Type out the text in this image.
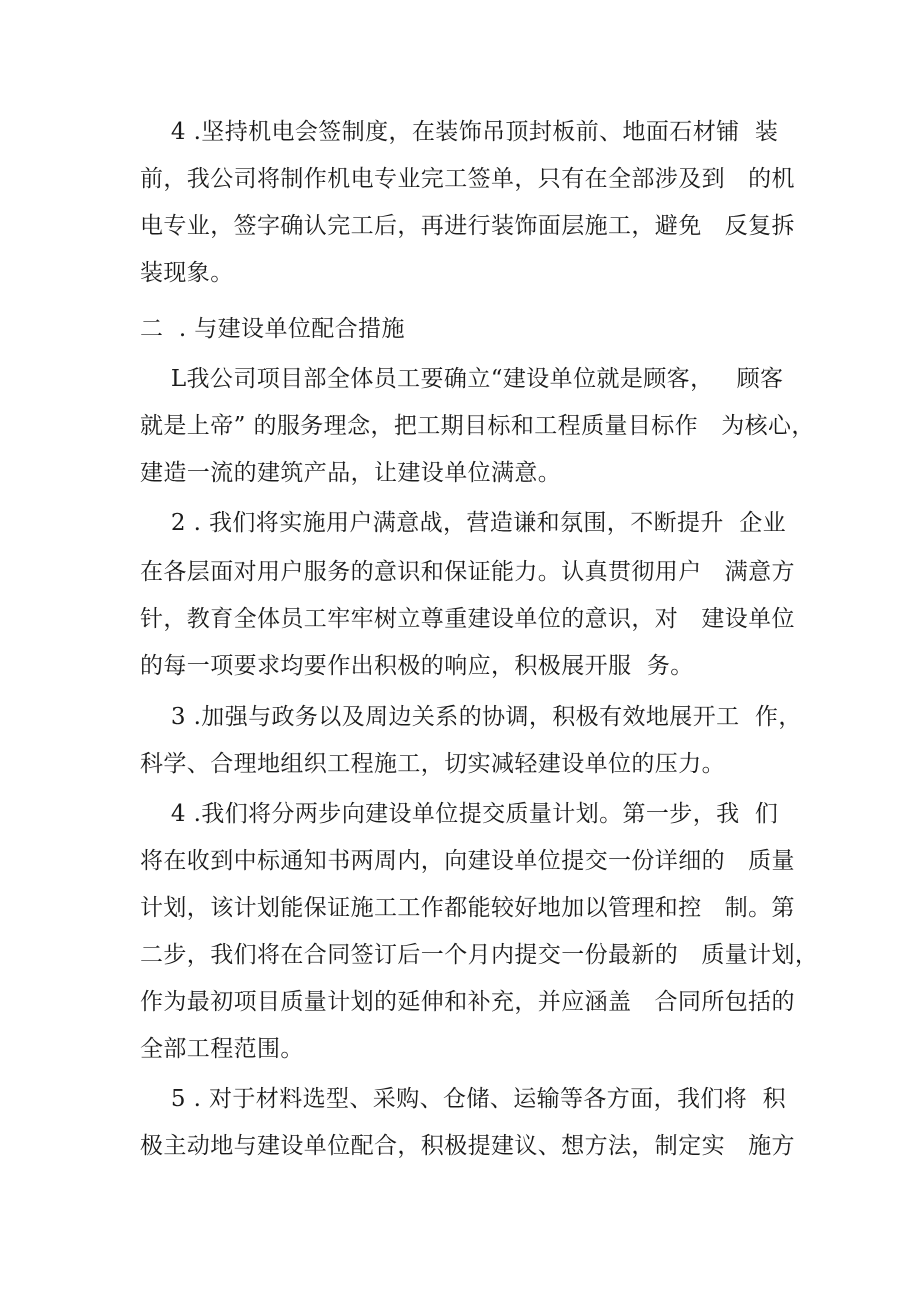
4 .坚持机电会签制度，在装饰吊顶封板前、地面石材铺  装
前，我公司将制作机电专业完工签单，只有在全部涉及到   的机
电专业，签字确认完工后，再进行装饰面层施工，避免   反复拆
装现象。
二  . 与建设单位配合措施
L我公司项目部全体员工要确立“建设单位就是顾客，   顾客
就是上帝” 的服务理念，把工期目标和工程质量目标作   为核心，
建造一流的建筑产品，让建设单位满意。
2 . 我们将实施用户满意战，营造谦和氛围，不断提升  企业
在各层面对用户服务的意识和保证能力。认真贯彻用户   满意方
针，教育全体员工牢牢树立尊重建设单位的意识，对   建设单位
的每一项要求均要作出积极的响应，积极展开服  务。
3 .加强与政务以及周边关系的协调，积极有效地展开工  作，
科学、合理地组织工程施工，切实减轻建设单位的压力。
4 .我们将分两步向建设单位提交质量计划。第一步，我  们
将在收到中标通知书两周内，向建设单位提交一份详细的   质量
计划，该计划能保证施工工作都能较好地加以管理和控   制。第
二步，我们将在合同签订后一个月内提交一份最新的   质量计划，
作为最初项目质量计划的延伸和补充，并应涵盖   合同所包括的
全部工程范围。
5 . 对于材料选型、采购、仓储、运输等各方面，我们将  积
极主动地与建设单位配合，积极提建议、想方法，制定实   施方
